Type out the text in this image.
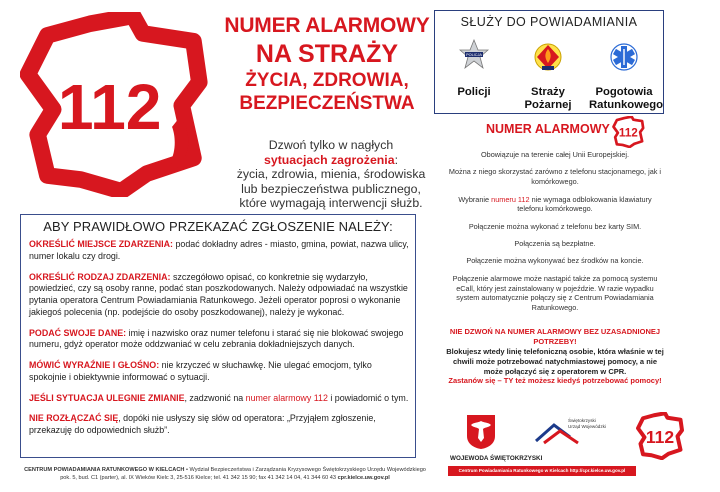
112
NUMER ALARMOWY
NA STRAŻY
ŻYCIA, ZDROWIA,
BEZPIECZEŃSTWA
Dzwoń tylko w nagłych
sytuacjach zagrożenia:
życia, zdrowia, mienia, środowiska lub bezpieczeństwa publicznego, które wymagają interwencji służb.
SŁUŻY DO POWIADAMIANIA
POLICJA
Policji	Straży Pożarnej
Pogotowia Ratunkowego
ABY PRAWIDŁOWO PRZEKAZAĆ ZGŁOSZENIE NALEŻY:
OKREŚLIĆ MIEJSCE ZDARZENIA: podać dokładny adres - miasto, gmina, powiat, nazwa ulicy, numer lokalu czy drogi.
OKREŚLIĆ RODZAJ ZDARZENIA: szczegółowo opisać, co konkretnie się wydarzyło, powiedzieć, czy są osoby ranne, podać stan poszkodowanych. Należy odpowiadać na wszystkie pytania operatora Centrum Powiadamiania Ratunkowego. Jeżeli operator poprosi o wykonanie jakiegoś polecenia (np. podejście do osoby poszkodowanej), należy je wykonać.
PODAĆ SWOJE DANE: imię i nazwisko oraz numer telefonu i starać się nie blokować swojego numeru, gdyż operator może oddzwaniać w celu zebrania dokładniejszych danych.
MÓWIĆ WYRAŹNIE I GŁOŚNO: nie krzyczeć w słuchawkę. Nie ulegać emocjom, tylko spokojnie i obiektywnie informować o sytuacji.
JEŚLI SYTUACJA ULEGNIE ZMIANIE, zadzwonić na numer alarmowy 112 i powiadomić o tym.
NIE ROZŁĄCZAĆ SIĘ, dopóki nie usłyszy się słów od operatora: „Przyjąłem zgłoszenie, przekazuję do odpowiednich służb”.
NUMER ALARMOWY 112

Obowiązuje na terenie całej Unii Europejskiej.

Można z niego skorzystać zarówno z telefonu stacjonarnego, jak i komórkowego.

Wybranie numeru 112 nie wymaga odblokowania klawiatury telefonu komórkowego.

Połączenie można wykonać z telefonu bez karty SIM.

Połączenia są bezpłatne.

Połączenie można wykonywać bez środków na koncie.

Połączenie alarmowe może nastąpić także za pomocą systemu eCall, który jest zainstalowany w pojeździe. W razie wypadku system automatycznie połączy się z Centrum Powiadamiania Ratunkowego.

NIE DZWOŃ NA NUMER ALARMOWY BEZ UZASADNIONEJ POTRZEBY!
Blokujesz wtedy linię telefoniczną osobie, która właśnie w tej chwili może potrzebować natychmiastowej pomocy, a nie może połączyć się z operatorem w CPR.
Zastanów się – TY też możesz kiedyś potrzebować pomocy!
WOJEWODA ŚWIĘTOKRZYSKI
Świętokrzyski
Urząd Wojewódzki
112
Centrum Powiadamiania Ratunkowego w Kielcach http://cpr.kielce.uw.gov.pl
CENTRUM POWIADAMIANIA RATUNKOWEGO W KIELCACH • Wydział Bezpieczeństwa i Zarządzania Kryzysowego Świętokrzyskiego Urzędu Wojewódzkiego
pok. 5, bud. C1 (parter), al. IX Wieków Kielc 3, 25-516 Kielce; tel. 41 342 15 90; fax 41 342 14 04, 41 344 60 43 cpr.kielce.uw.gov.pl
